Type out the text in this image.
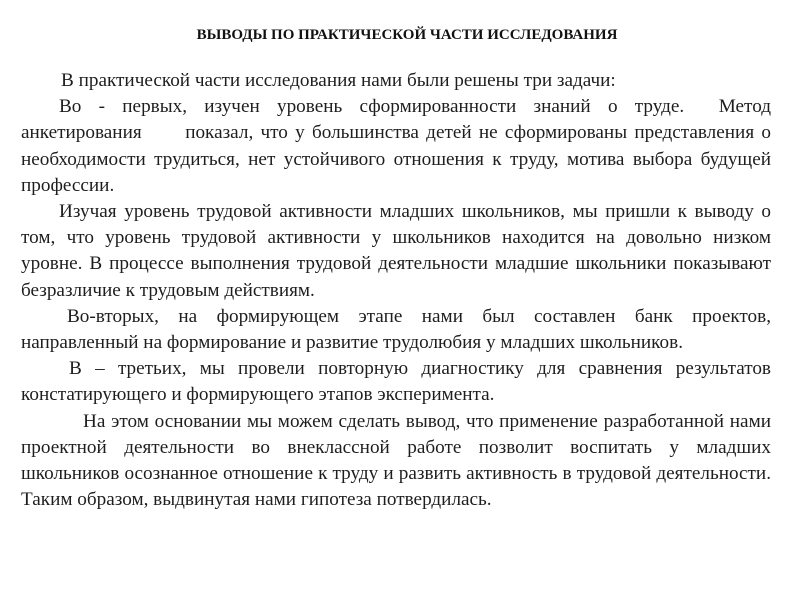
ВЫВОДЫ ПО ПРАКТИЧЕСКОЙ ЧАСТИ ИССЛЕДОВАНИЯ

В практической части исследования нами были решены три задачи:

Во - первых, изучен уровень сформированности знаний о труде.  Метод анкетирования      показал, что у большинства детей не сформированы представления о необходимости трудиться, нет устойчивого отношения к труду, мотива выбора будущей профессии.

Изучая уровень трудовой активности младших школьников, мы пришли к выводу о том, что уровень трудовой активности у школьников находится на довольно низком уровне. В процессе выполнения трудовой деятельности младшие школьники показывают безразличие к трудовым действиям.

Во-вторых, на формирующем этапе нами был составлен банк проектов, направленный на формирование и развитие трудолюбия у младших школьников.

В – третьих, мы провели повторную диагностику для сравнения результатов констатирующего и формирующего этапов эксперимента.

На этом основании мы можем сделать вывод, что применение разработанной нами проектной деятельности во внеклассной работе позволит воспитать у младших школьников осознанное отношение к труду и развить активность в трудовой деятельности. Таким образом, выдвинутая нами гипотеза потвердилась.
